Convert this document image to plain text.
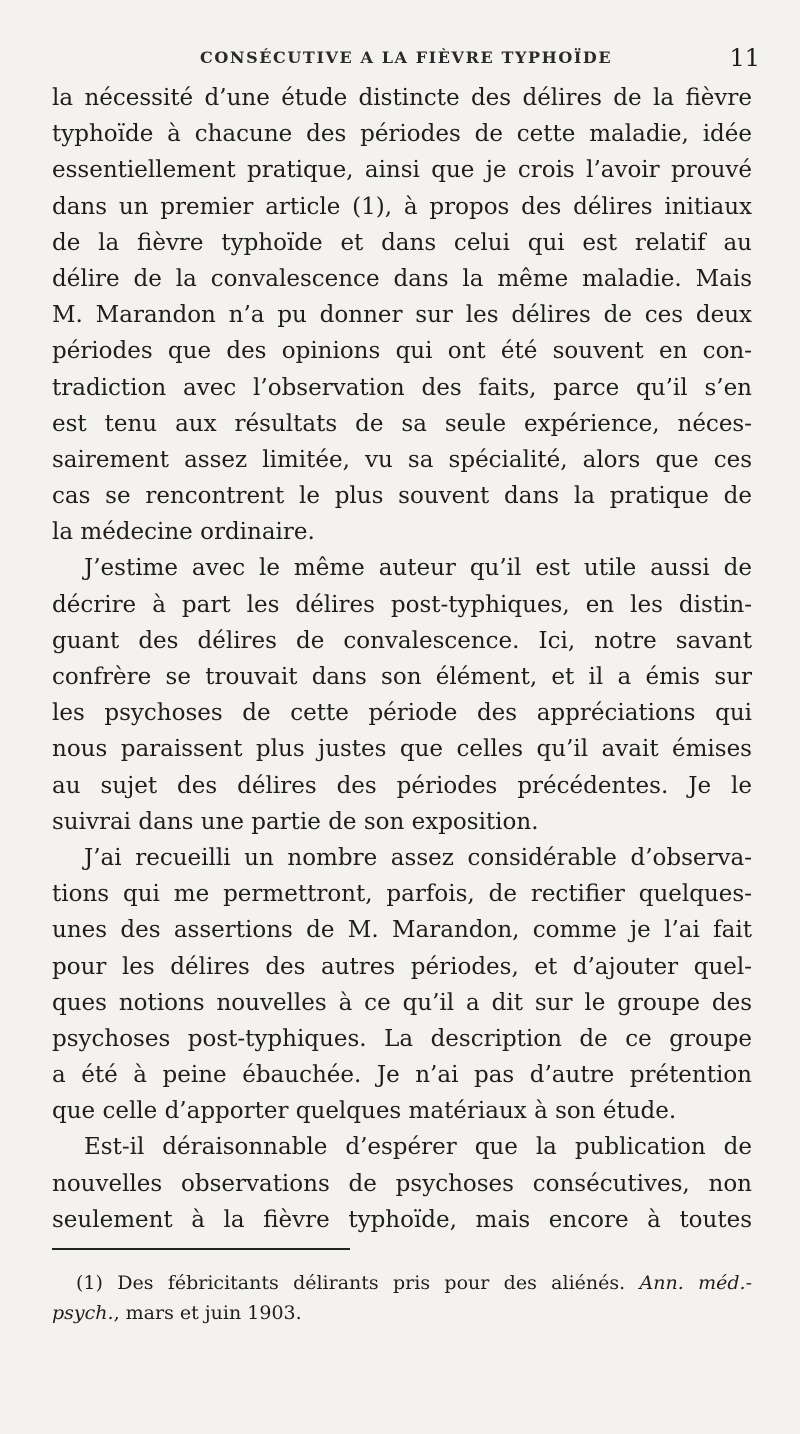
CONSÉCUTIVE A LA FIÈVRE TYPHOÏDE	11
la nécessité d’une étude distincte des délires de la fièvre
typhoïde à chacune des périodes de cette maladie, idée
essentiellement pratique, ainsi que je crois l’avoir prouvé
dans un premier article (1), à propos des délires initiaux
de la fièvre typhoïde et dans celui qui est relatif au
délire de la convalescence dans la même maladie. Mais
M. Marandon n’a pu donner sur les délires de ces deux
périodes que des opinions qui ont été souvent en con-
tradiction avec l’observation des faits, parce qu’il s’en
est tenu aux résultats de sa seule expérience, néces-
sairement assez limitée, vu sa spécialité, alors que ces
cas se rencontrent le plus souvent dans la pratique de
la médecine ordinaire.
J’estime avec le même auteur qu’il est utile aussi de
décrire à part les délires post-typhiques, en les distin-
guant des délires de convalescence. Ici, notre savant
confrère se trouvait dans son élément, et il a émis sur
les psychoses de cette période des appréciations qui
nous paraissent plus justes que celles qu’il avait émises
au sujet des délires des périodes précédentes. Je le
suivrai dans une partie de son exposition.
J’ai recueilli un nombre assez considérable d’observa-
tions qui me permettront, parfois, de rectifier quelques-
unes des assertions de M. Marandon, comme je l’ai fait
pour les délires des autres périodes, et d’ajouter quel-
ques notions nouvelles à ce qu’il a dit sur le groupe des
psychoses post-typhiques. La description de ce groupe
a été à peine ébauchée. Je n’ai pas d’autre prétention
que celle d’apporter quelques matériaux à son étude.
Est-il déraisonnable d’espérer que la publication de
nouvelles observations de psychoses consécutives, non
seulement à la fièvre typhoïde, mais encore à toutes
(1) Des fébricitants délirants pris pour des aliénés. Ann. méd.-
psych., mars et juin 1903.
